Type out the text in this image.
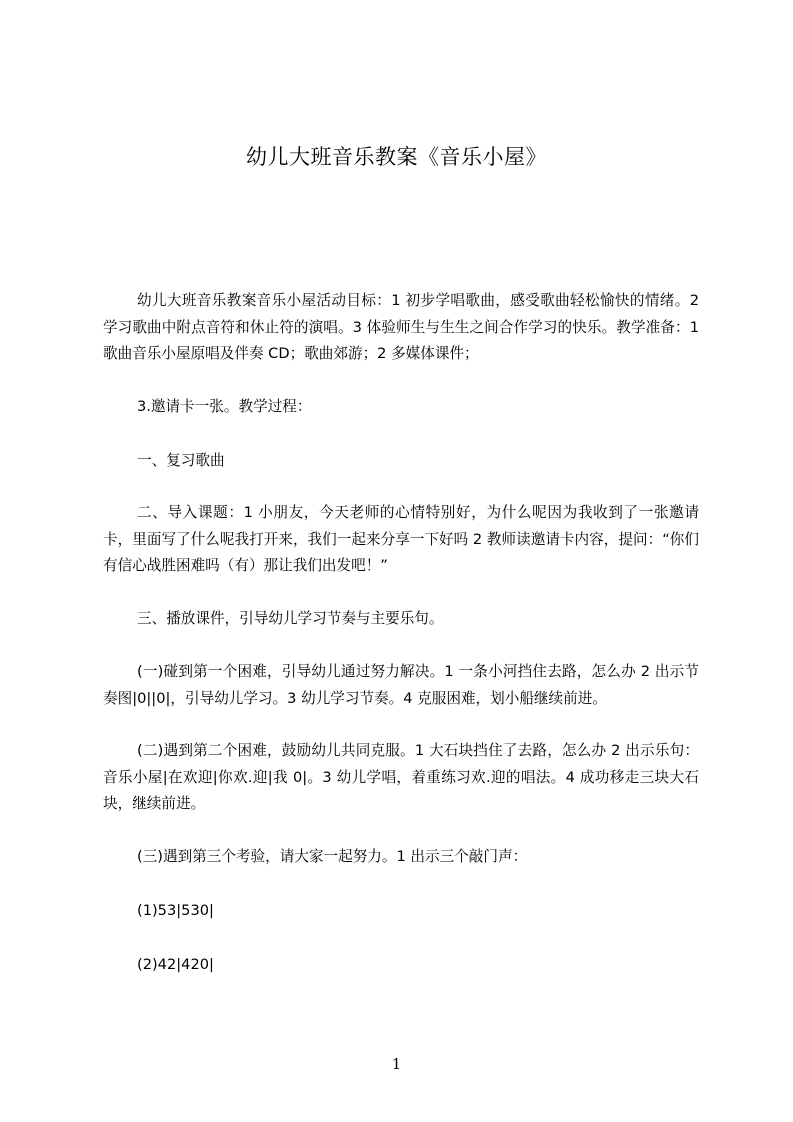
幼儿大班音乐教案《音乐小屋》

幼儿大班音乐教案音乐小屋活动目标：1 初步学唱歌曲，感受歌曲轻松愉快的情绪。2 学习歌曲中附点音符和休止符的演唱。3 体验师生与生生之间合作学习的快乐。教学准备：1 歌曲音乐小屋原唱及伴奏 CD；歌曲郊游；2 多媒体课件；

3.邀请卡一张。教学过程：

一、复习歌曲

二、导入课题：1 小朋友，今天老师的心情特别好，为什么呢因为我收到了一张邀请卡，里面写了什么呢我打开来，我们一起来分享一下好吗 2 教师读邀请卡内容，提问：“你们有信心战胜困难吗（有）那让我们出发吧！”

三、播放课件，引导幼儿学习节奏与主要乐句。

(一)碰到第一个困难，引导幼儿通过努力解决。1 一条小河挡住去路，怎么办 2 出示节奏图|0||0|，引导幼儿学习。3 幼儿学习节奏。4 克服困难，划小船继续前进。

(二)遇到第二个困难，鼓励幼儿共同克服。1 大石块挡住了去路，怎么办 2 出示乐句：音乐小屋|在欢迎|你欢.迎|我 0|。3 幼儿学唱，着重练习欢.迎的唱法。4 成功移走三块大石块，继续前进。

(三)遇到第三个考验，请大家一起努力。1 出示三个敲门声：

(1)53|530|

(2)42|420|

1
